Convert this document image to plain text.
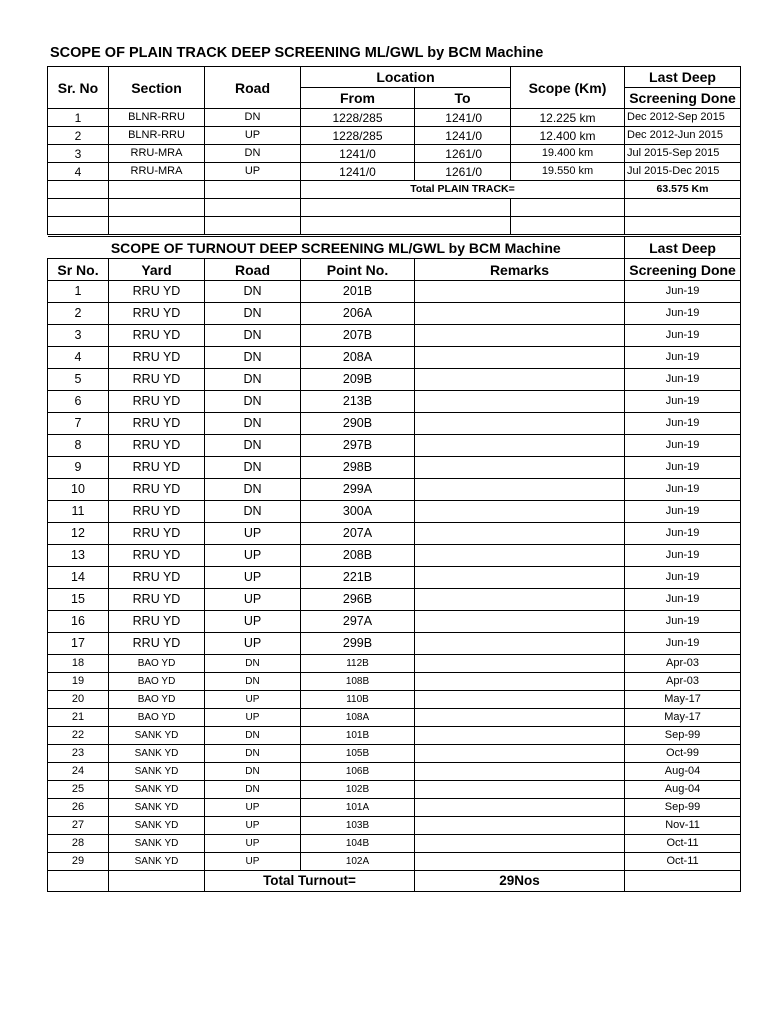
SCOPE OF PLAIN TRACK DEEP SCREENING ML/GWL by BCM Machine
Sr. No	Section	Road	Location		Scope (Km)	Last Deep	
			From	To		Screening Done	
1	BLNR-RRU	DN	1228/285	1241/0	12.225 km	Dec 2012-Sep 2015	
2	BLNR-RRU	UP	1228/285	1241/0	12.400 km	Dec 2012-Jun 2015	
3	RRU-MRA	DN	1241/0	1261/0	19.400 km	Jul 2015-Sep 2015	
4	RRU-MRA	UP	1241/0	1261/0	19.550 km	Jul 2015-Dec 2015	
			Total PLAIN TRACK=			63.575 Km	

SCOPE OF TURNOUT DEEP SCREENING ML/GWL by BCM Machine					Last Deep
Sr No.	Yard	Road	Point No.	Remarks	Screening Done
1	RRU YD	DN	201B		Jun-19
2	RRU YD	DN	206A		Jun-19
3	RRU YD	DN	207B		Jun-19
4	RRU YD	DN	208A		Jun-19
5	RRU YD	DN	209B		Jun-19
6	RRU YD	DN	213B		Jun-19
7	RRU YD	DN	290B		Jun-19
8	RRU YD	DN	297B		Jun-19
9	RRU YD	DN	298B		Jun-19
10	RRU YD	DN	299A		Jun-19
11	RRU YD	DN	300A		Jun-19
12	RRU YD	UP	207A		Jun-19
13	RRU YD	UP	208B		Jun-19
14	RRU YD	UP	221B		Jun-19
15	RRU YD	UP	296B		Jun-19
16	RRU YD	UP	297A		Jun-19
17	RRU YD	UP	299B		Jun-19
18	BAO YD	DN	112B		Apr-03
19	BAO YD	DN	108B		Apr-03
20	BAO YD	UP	110B		May-17
21	BAO YD	UP	108A		May-17
22	SANK YD	DN	101B		Sep-99
23	SANK YD	DN	105B		Oct-99
24	SANK YD	DN	106B		Aug-04
25	SANK YD	DN	102B		Aug-04
26	SANK YD	UP	101A		Sep-99
27	SANK YD	UP	103B		Nov-11
28	SANK YD	UP	104B		Oct-11
29	SANK YD	UP	102A		Oct-11
		Total Turnout=		29Nos	
